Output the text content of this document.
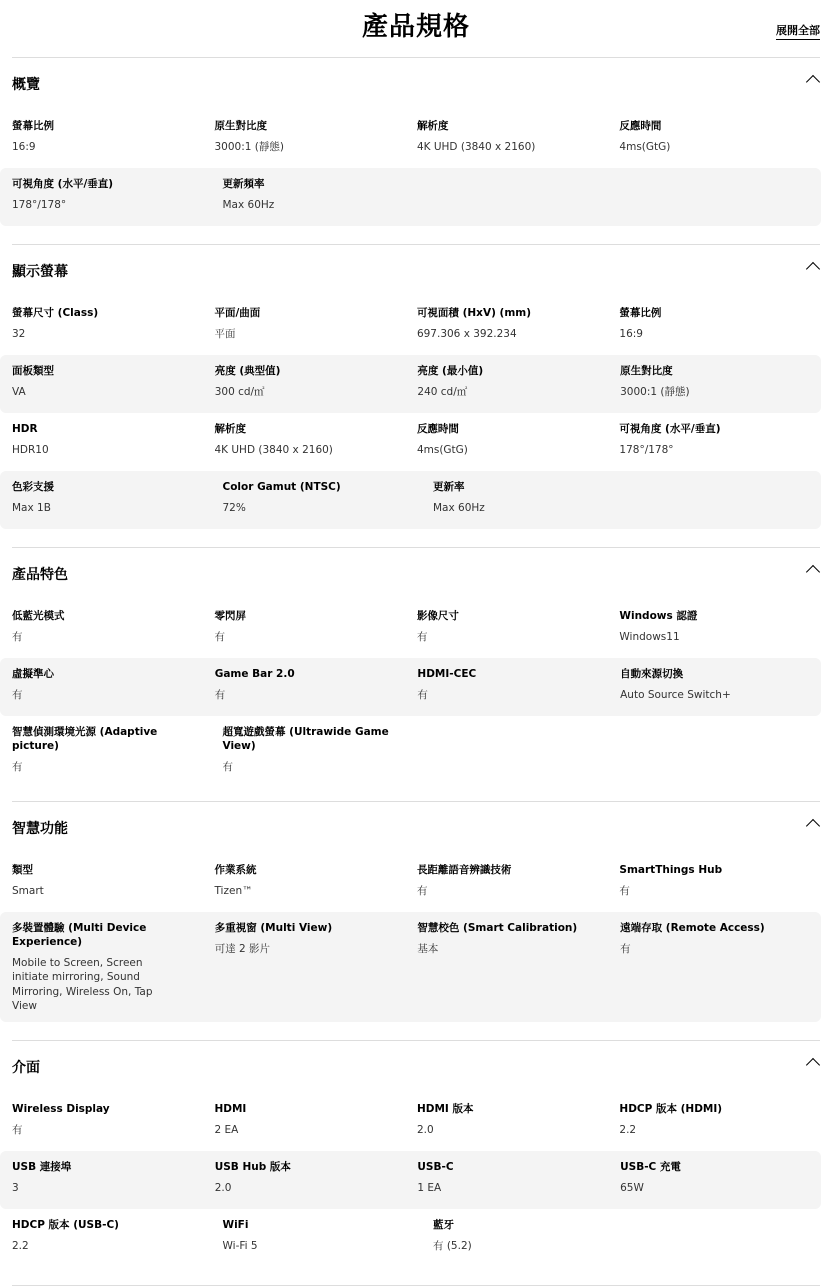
產品規格	展開全部
概覽
螢幕比例
16:9
原生對比度
3000:1 (靜態)
解析度
4K UHD (3840 x 2160)
反應時間
4ms(GtG)
可視角度 (水平/垂直)
178°/178°
更新頻率
Max 60Hz
顯示螢幕
螢幕尺寸 (Class)
32
平面/曲面
平面
可視面積 (HxV) (mm)
697.306 x 392.234
螢幕比例
16:9
面板類型
VA
亮度 (典型值)
300 cd/㎡
亮度 (最小值)
240 cd/㎡
原生對比度
3000:1 (靜態)
HDR
HDR10
解析度
4K UHD (3840 x 2160)
反應時間
4ms(GtG)
可視角度 (水平/垂直)
178°/178°
色彩支援
Max 1B
Color Gamut (NTSC)
72%
更新率
Max 60Hz
產品特色
低藍光模式
有
零閃屏
有
影像尺寸
有
Windows 認證
Windows11
虛擬準心
有
Game Bar 2.0
有
HDMI-CEC
有
自動來源切換
Auto Source Switch+
智慧偵測環境光源 (Adaptive picture)
有
超寬遊戲螢幕 (Ultrawide Game View)
有
智慧功能
類型
Smart
作業系統
Tizen™
長距離語音辨識技術
有
SmartThings Hub
有
多裝置體驗 (Multi Device Experience)
Mobile to Screen, Screen initiate mirroring, Sound Mirroring, Wireless On, Tap View
多重視窗 (Multi View)
可達 2 影片
智慧校色 (Smart Calibration)
基本
遠端存取 (Remote Access)
有
介面
Wireless Display
有
HDMI
2 EA
HDMI 版本
2.0
HDCP 版本 (HDMI)
2.2
USB 連接埠
3
USB Hub 版本
2.0
USB-C
1 EA
USB-C 充電
65W
HDCP 版本 (USB-C)
2.2
WiFi
Wi-Fi 5
藍牙
有 (5.2)
